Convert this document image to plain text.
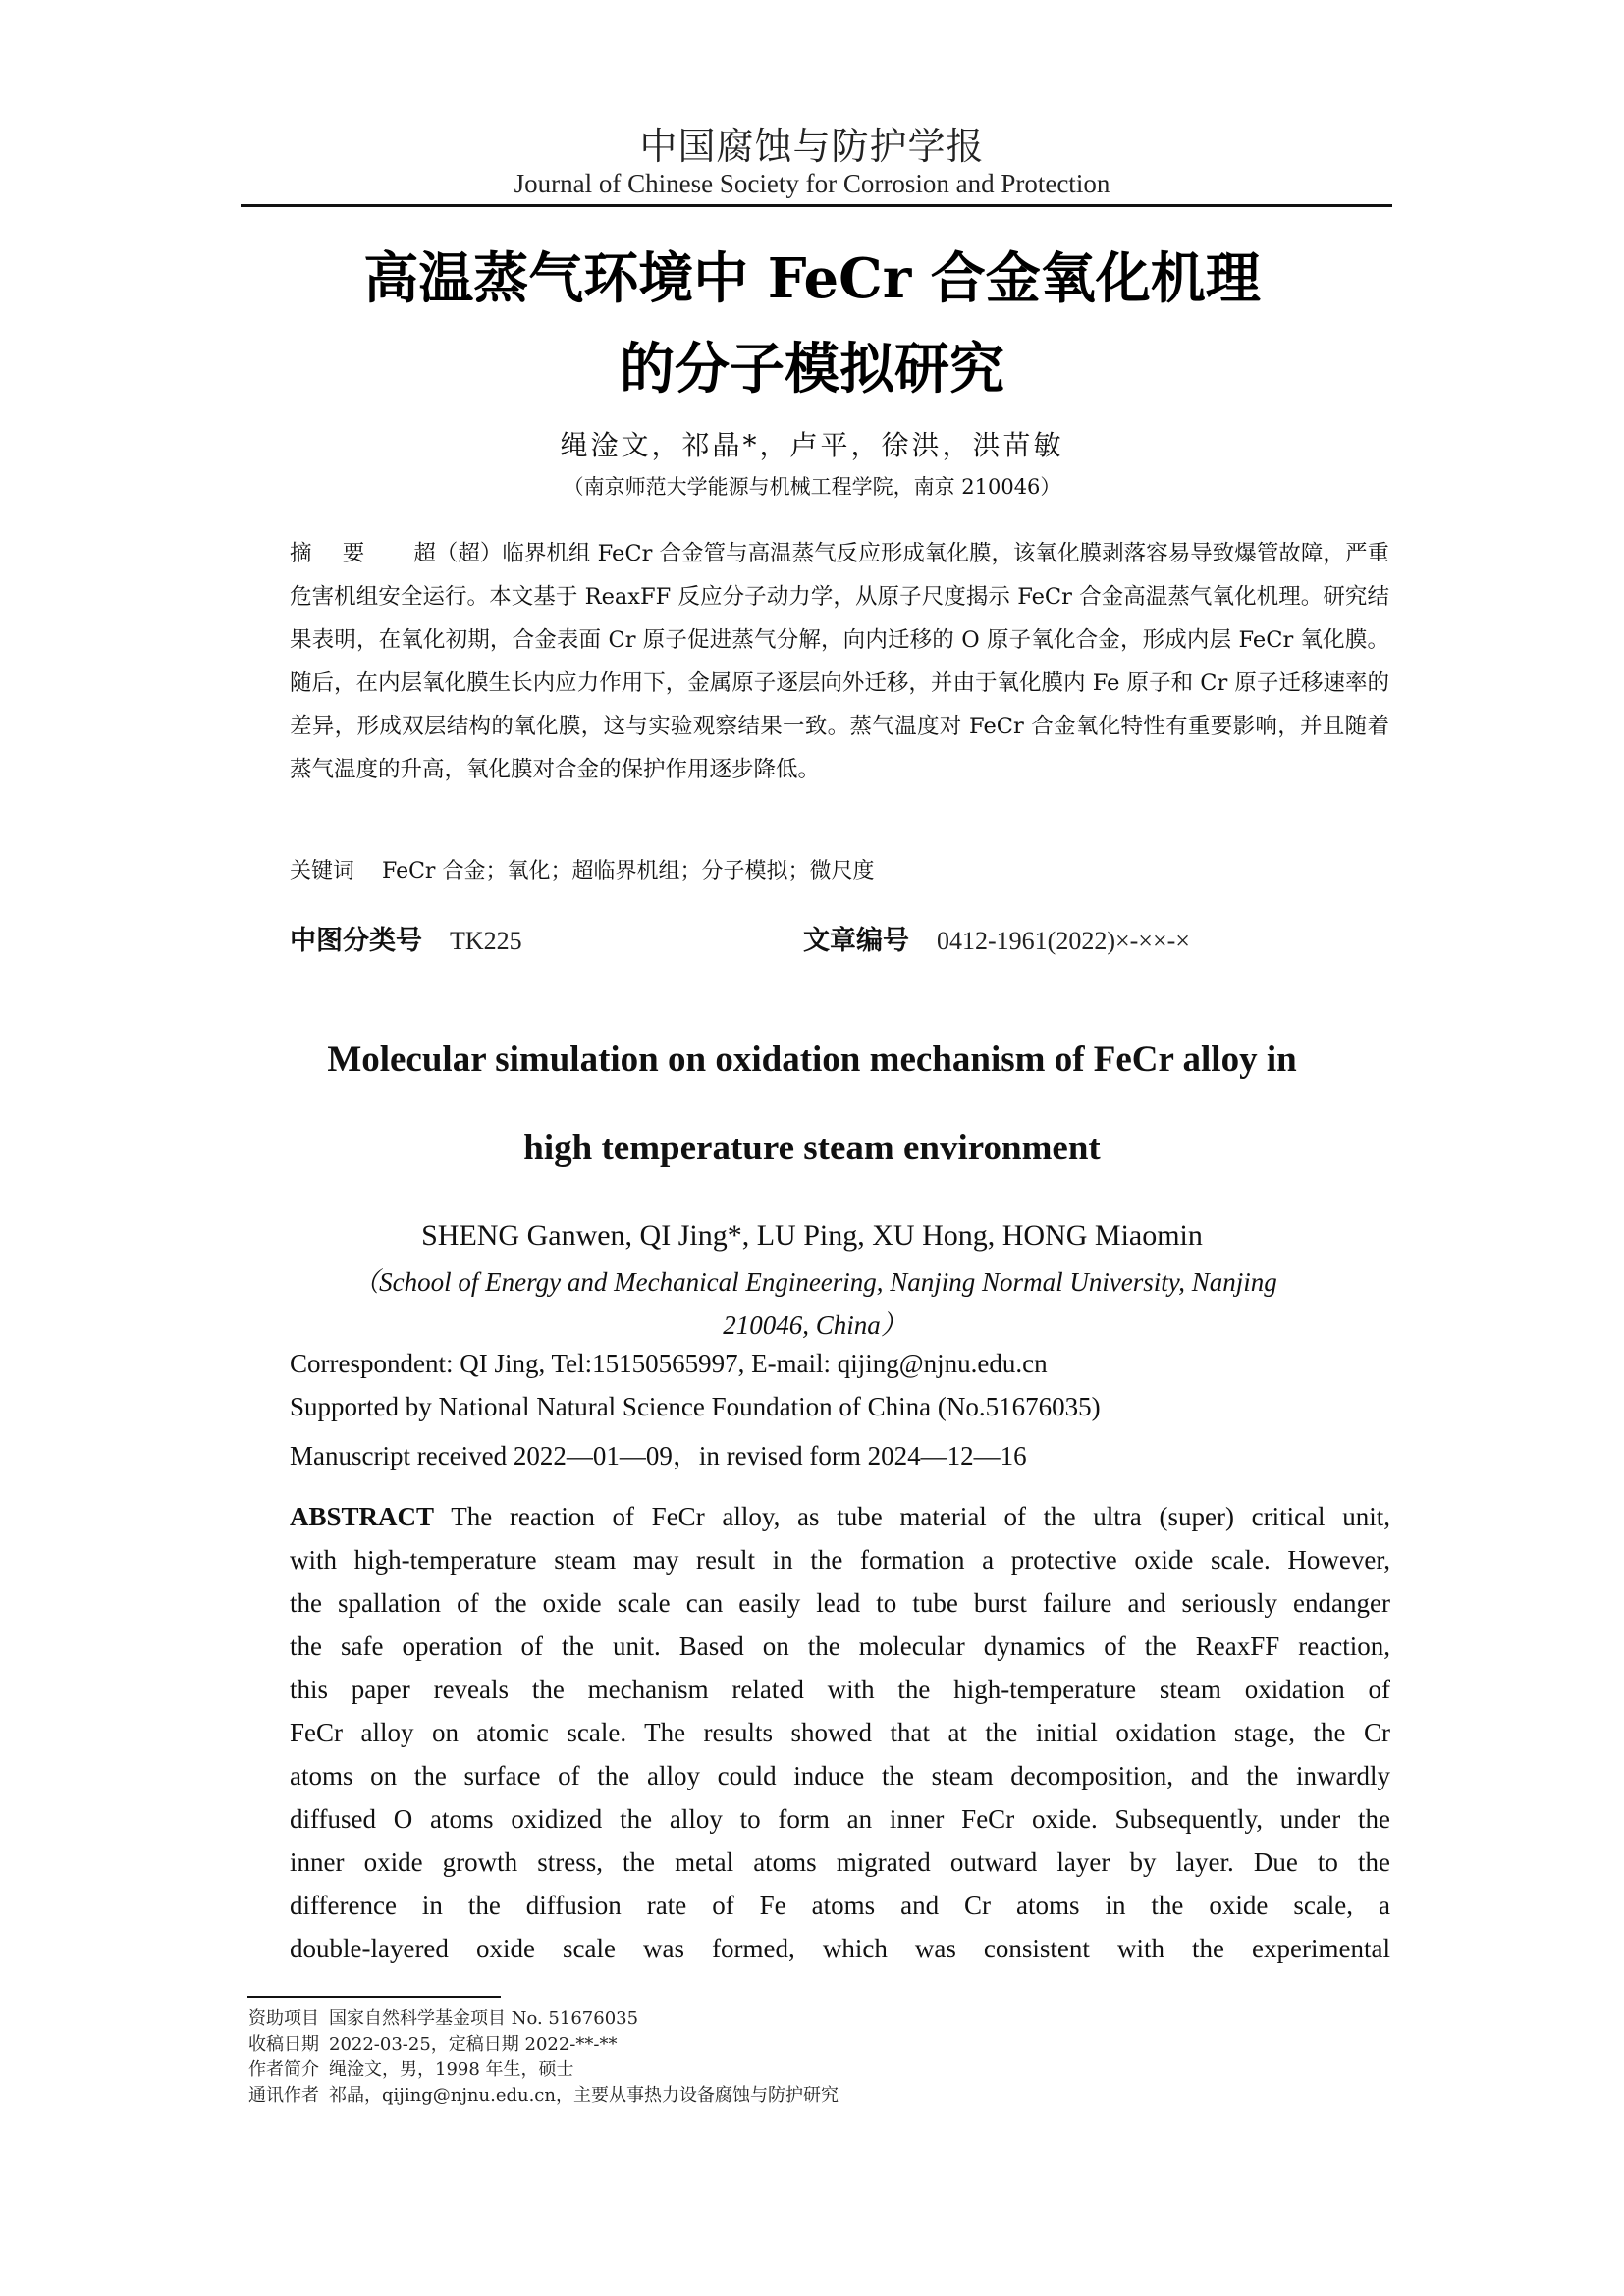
中国腐蚀与防护学报
Journal of Chinese Society for Corrosion and Protection
高温蒸气环境中 FeCr 合金氧化机理
的分子模拟研究
绳淦文，祁晶*，卢平，徐洪，洪苗敏
（南京师范大学能源与机械工程学院，南京 210046）
摘 要 超（超）临界机组 FeCr 合金管与高温蒸气反应形成氧化膜，该氧化膜剥落容易导致爆管故障，严重危害机组安全运行。本文基于 ReaxFF 反应分子动力学，从原子尺度揭示 FeCr 合金高温蒸气氧化机理。研究结果表明，在氧化初期，合金表面 Cr 原子促进蒸气分解，向内迁移的 O 原子氧化合金，形成内层 FeCr 氧化膜。随后，在内层氧化膜生长内应力作用下，金属原子逐层向外迁移，并由于氧化膜内 Fe 原子和 Cr 原子迁移速率的差异，形成双层结构的氧化膜，这与实验观察结果一致。蒸气温度对 FeCr 合金氧化特性有重要影响，并且随着蒸气温度的升高，氧化膜对合金的保护作用逐步降低。
关键词 FeCr 合金；氧化；超临界机组；分子模拟；微尺度
中图分类号 TK225	文章编号 0412-1961(2022)×-××-×
Molecular simulation on oxidation mechanism of FeCr alloy in
high temperature steam environment
SHENG Ganwen, QI Jing*, LU Ping, XU Hong, HONG Miaomin
（School of Energy and Mechanical Engineering, Nanjing Normal University, Nanjing 210046, China）
Correspondent: QI Jing, Tel:15150565997, E-mail: qijing@njnu.edu.cn
Supported by National Natural Science Foundation of China (No.51676035)
Manuscript received 2022—01—09，in revised form 2024—12—16
ABSTRACT The reaction of FeCr alloy, as tube material of the ultra (super) critical unit,
with high-temperature steam may result in the formation a protective oxide scale. However,
the spallation of the oxide scale can easily lead to tube burst failure and seriously endanger
the safe operation of the unit. Based on the molecular dynamics of the ReaxFF reaction,
this paper reveals the mechanism related with the high-temperature steam oxidation of
FeCr alloy on atomic scale. The results showed that at the initial oxidation stage, the Cr
atoms on the surface of the alloy could induce the steam decomposition, and the inwardly
diffused O atoms oxidized the alloy to form an inner FeCr oxide. Subsequently, under the
inner oxide growth stress, the metal atoms migrated outward layer by layer. Due to the
difference in the diffusion rate of Fe atoms and Cr atoms in the oxide scale, a
double-layered oxide scale was formed, which was consistent with the experimental
资助项目 国家自然科学基金项目 No. 51676035
收稿日期 2022-03-25，定稿日期 2022-**-**
作者简介 绳淦文，男，1998 年生，硕士
通讯作者 祁晶，qijing@njnu.edu.cn，主要从事热力设备腐蚀与防护研究
